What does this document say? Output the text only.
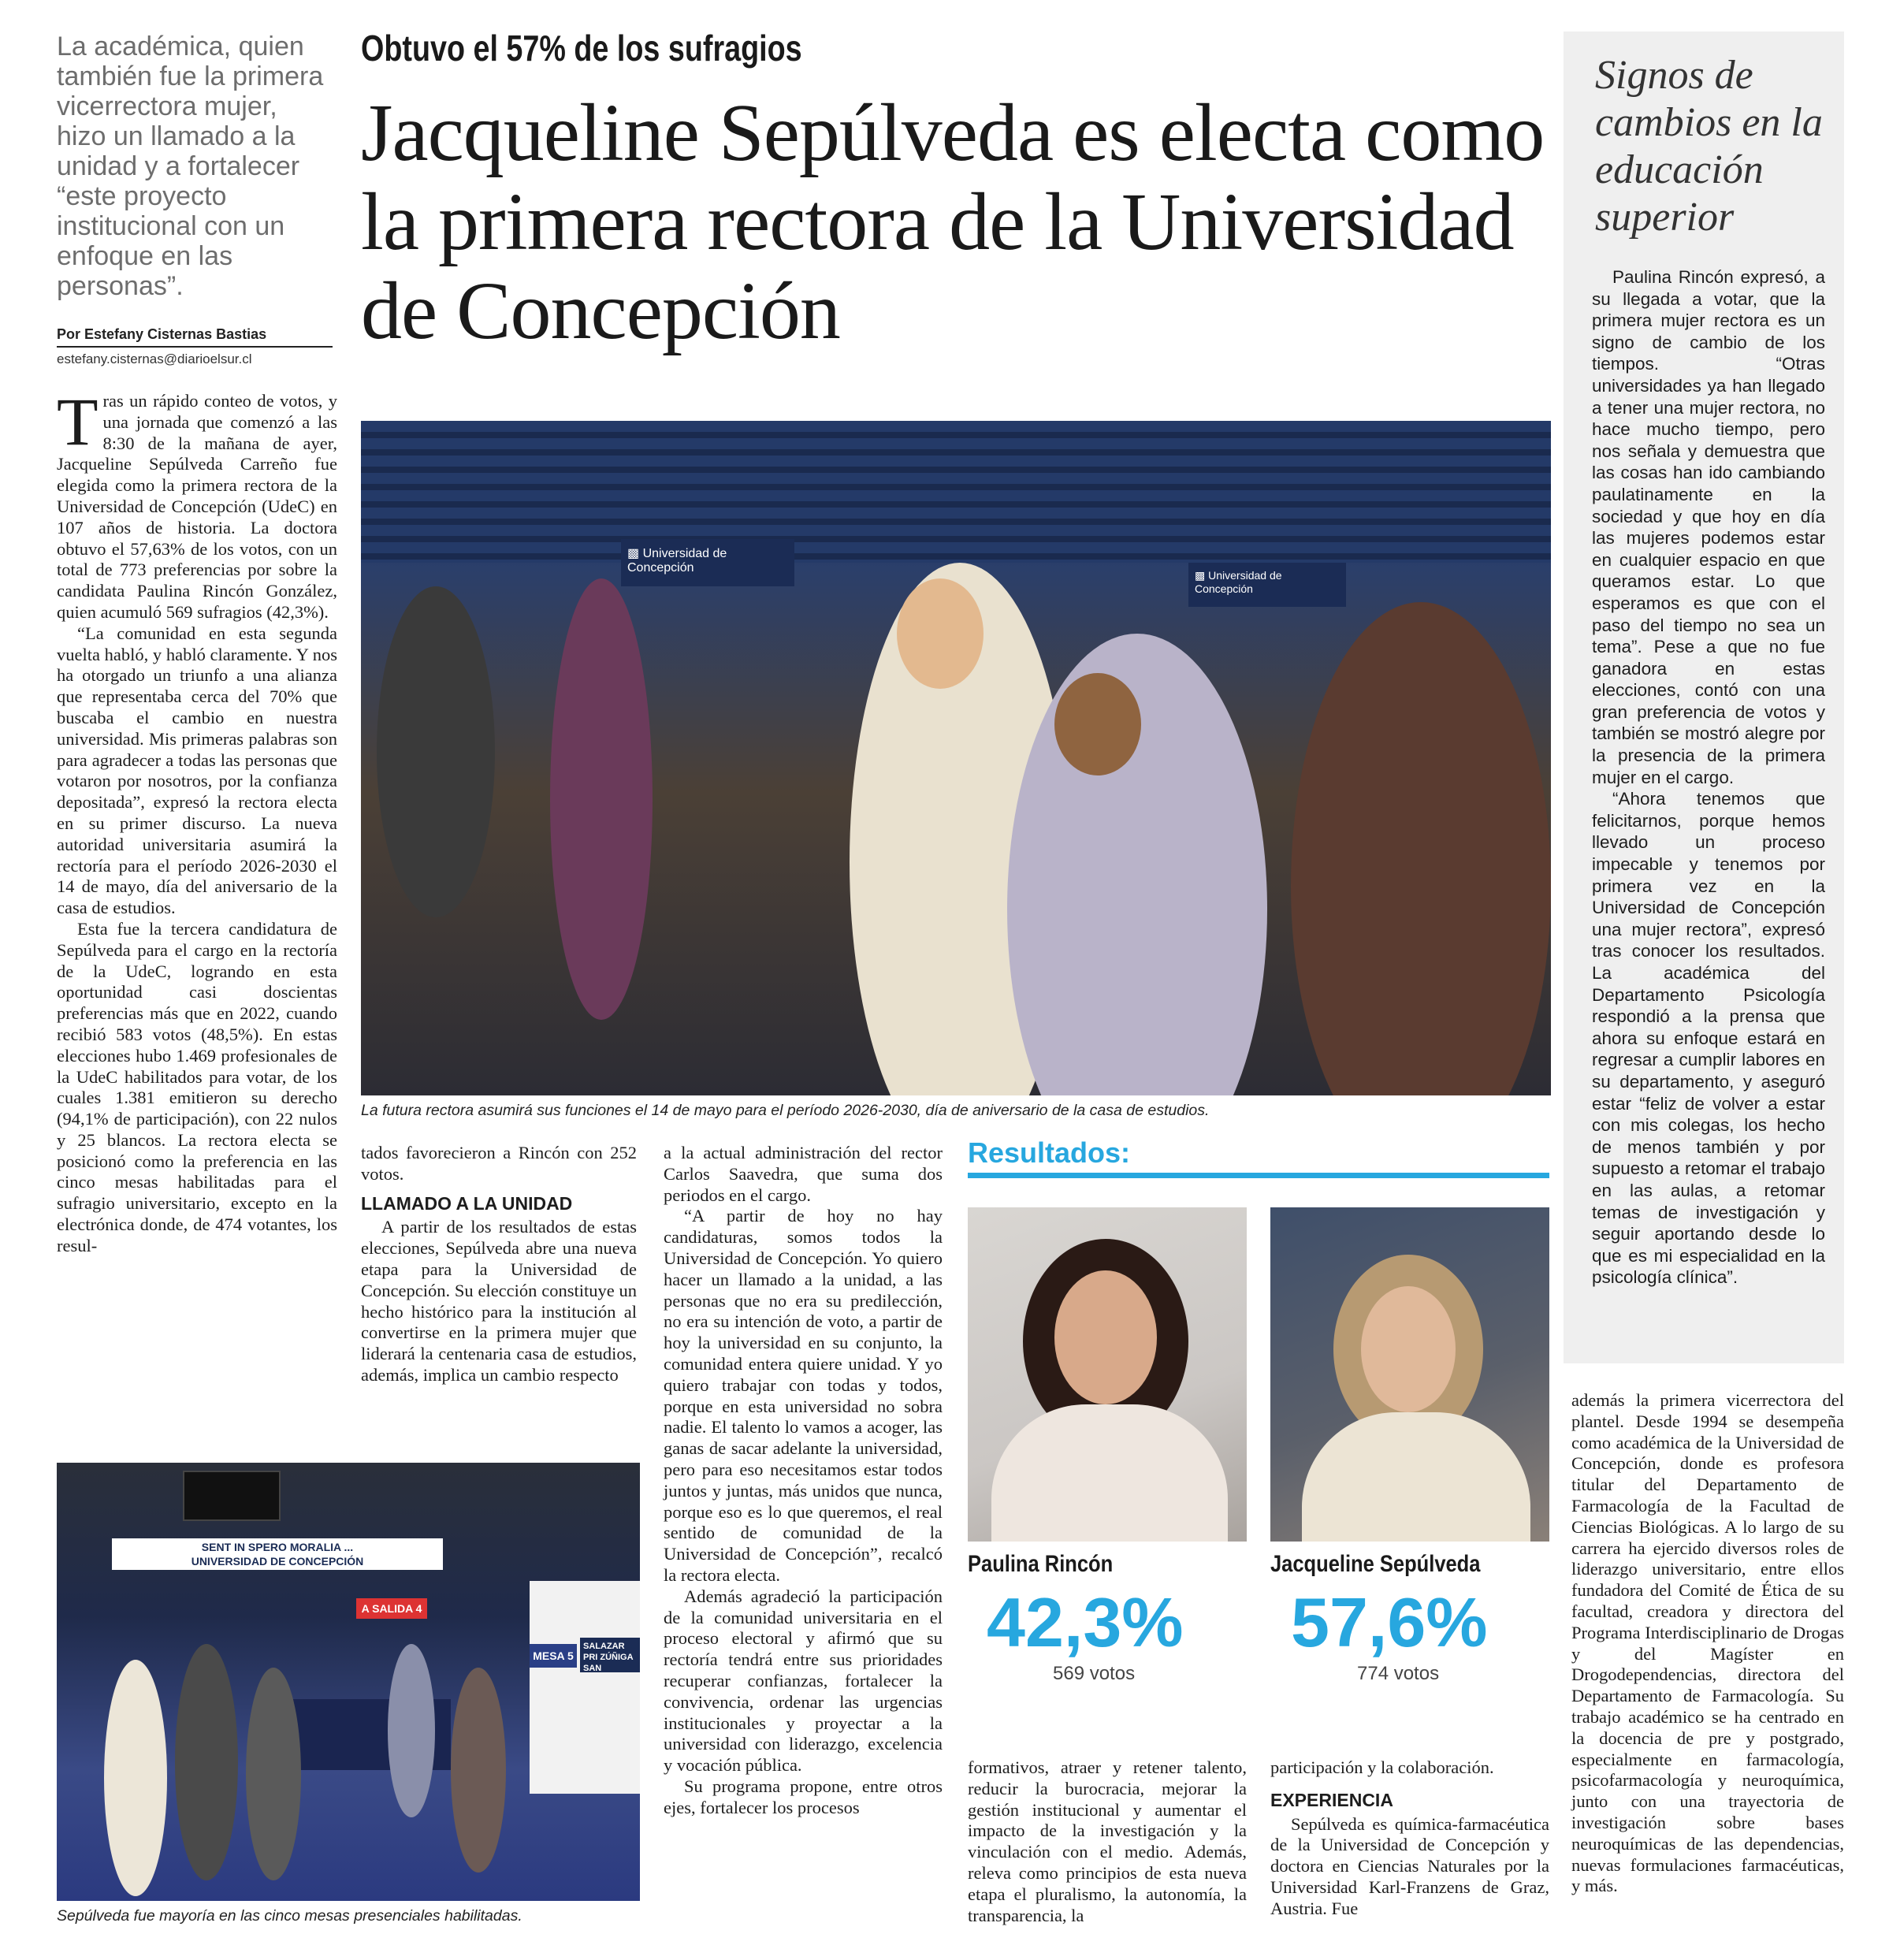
La académica, quien también fue la primera vicerrectora mujer, hizo un llamado a la unidad y a fortalecer “este proyecto institucional con un enfoque en las personas”.
Por Estefany Cisternas Bastias
estefany.cisternas@diarioelsur.cl
Obtuvo el 57% de los sufragios
Jacqueline Sepúlveda es electa como la primera rectora de la Universidad de Concepción

Tras un rápido conteo de votos, y una jornada que comenzó a las 8:30 de la mañana de ayer, Jacqueline Sepúlveda Carreño fue elegida como la primera rectora de la Universidad de Concepción (UdeC) en 107 años de historia. La doctora obtuvo el 57,63% de los votos, con un total de 773 preferencias por sobre la candidata Paulina Rincón González, quien acumuló 569 sufragios (42,3%).

“La comunidad en esta segunda vuelta habló, y habló claramente. Y nos ha otorgado un triunfo a una alianza que representaba cerca del 70% que buscaba el cambio en nuestra universidad. Mis primeras palabras son para agradecer a todas las personas que votaron por nosotros, por la confianza depositada”, expresó la rectora electa en su primer discurso. La nueva autoridad universitaria asumirá la rectoría para el período 2026-2030 el 14 de mayo, día del aniversario de la casa de estudios.

Esta fue la tercera candidatura de Sepúlveda para el cargo en la rectoría de la UdeC, logrando en esta oportunidad casi doscientas preferencias más que en 2022, cuando recibió 583 votos (48,5%). En estas elecciones hubo 1.469 profesionales de la UdeC habilitados para votar, de los cuales 1.381 emitieron su derecho (94,1% de participación), con 22 nulos y 25 blancos. La rectora electa se posicionó como la preferencia en las cinco mesas habilitadas para el sufragio universitario, excepto en la electrónica donde, de 474 votantes, los resul-

▩ Universidad de Concepción
▩ Universidad de Concepción
La futura rectora asumirá sus funciones el 14 de mayo para el período 2026-2030, día de aniversario de la casa de estudios.

tados favorecieron a Rincón con 252 votos.

LLAMADO A LA UNIDAD

A partir de los resultados de estas elecciones, Sepúlveda abre una nueva etapa para la Universidad de Concepción. Su elección constituye un hecho histórico para la institución al convertirse en la primera mujer que liderará la centenaria casa de estudios, además, implica un cambio respecto

a la actual administración del rector Carlos Saavedra, que suma dos periodos en el cargo.

“A partir de hoy no hay candidaturas, somos todos la Universidad de Concepción. Yo quiero hacer un llamado a la unidad, a las personas que no era su predilección, no era su intención de voto, a partir de hoy la universidad en su conjunto, la comunidad entera quiere unidad. Y yo quiero trabajar con todas y todos, porque en esta universidad no sobra nadie. El talento lo vamos a acoger, las ganas de sacar adelante la universidad, pero para eso necesitamos estar todos juntos y juntas, más unidos que nunca, porque eso es lo que queremos, el real sentido de comunidad de la Universidad de Concepción”, recalcó la rectora electa.

Además agradeció la participación de la comunidad universitaria en el proceso electoral y afirmó que su rectoría tendrá entre sus prioridades recuperar confianzas, fortalecer la convivencia, ordenar las urgencias institucionales y proyectar a la universidad con liderazgo, excelencia y vocación pública.

Su programa propone, entre otros ejes, fortalecer los procesos

SENT IN SPERO MORALIA ...
UNIVERSIDAD DE CONCEPCIÓN
A SALIDA 4
MESA 5
SALAZAR PRI ZÚÑIGA SAN
Sepúlveda fue mayoría en las cinco mesas presenciales habilitadas.
Resultados:
Paulina Rincón
42,3%
569 votos
Jacqueline Sepúlveda
57,6%
774 votos

formativos, atraer y retener talento, reducir la burocracia, mejorar la gestión institucional y aumentar el impacto de la investigación y la vinculación con el medio. Además, releva como principios de esta nueva etapa el pluralismo, la autonomía, la transparencia, la

participación y la colaboración.

EXPERIENCIA

Sepúlveda es química-farmacéutica de la Universidad de Concepción y doctora en Ciencias Naturales por la Universidad Karl-Franzens de Graz, Austria. Fue

Signos de cambios en la educación superior

Paulina Rincón expresó, a su llegada a votar, que la primera mujer rectora es un signo de cambio de los tiempos. “Otras universidades ya han llegado a tener una mujer rectora, no hace mucho tiempo, pero nos señala y demuestra que las cosas han ido cambiando paulatinamente en la sociedad y que hoy en día las mujeres podemos estar en cualquier espacio en que queramos estar. Lo que esperamos es que con el paso del tiempo no sea un tema”. Pese a que no fue ganadora en estas elecciones, contó con una gran preferencia de votos y también se mostró alegre por la presencia de la primera mujer en el cargo.

“Ahora tenemos que felicitarnos, porque hemos llevado un proceso impecable y tenemos por primera vez en la Universidad de Concepción una mujer rectora”, expresó tras conocer los resultados. La académica del Departamento Psicología respondió a la prensa que ahora su enfoque estará en regresar a cumplir labores en su departamento, y aseguró estar “feliz de volver a estar con mis colegas, los hecho de menos también y por supuesto a retomar el trabajo en las aulas, a retomar temas de investigación y seguir aportando desde lo que es mi especialidad en la psicología clínica”.

además la primera vicerrectora del plantel. Desde 1994 se desempeña como académica de la Universidad de Concepción, donde es profesora titular del Departamento de Farmacología de la Facultad de Ciencias Biológicas. A lo largo de su carrera ha ejercido diversos roles de liderazgo universitario, entre ellos fundadora del Comité de Ética de su facultad, creadora y directora del Programa Interdisciplinario de Drogas y del Magíster en Drogodependencias, directora del Departamento de Farmacología. Su trabajo académico se ha centrado en la docencia de pre y postgrado, especialmente en farmacología, psicofarmacología y neuroquímica, junto con una trayectoria de investigación sobre bases neuroquímicas de las dependencias, nuevas formulaciones farmacéuticas, y más.
